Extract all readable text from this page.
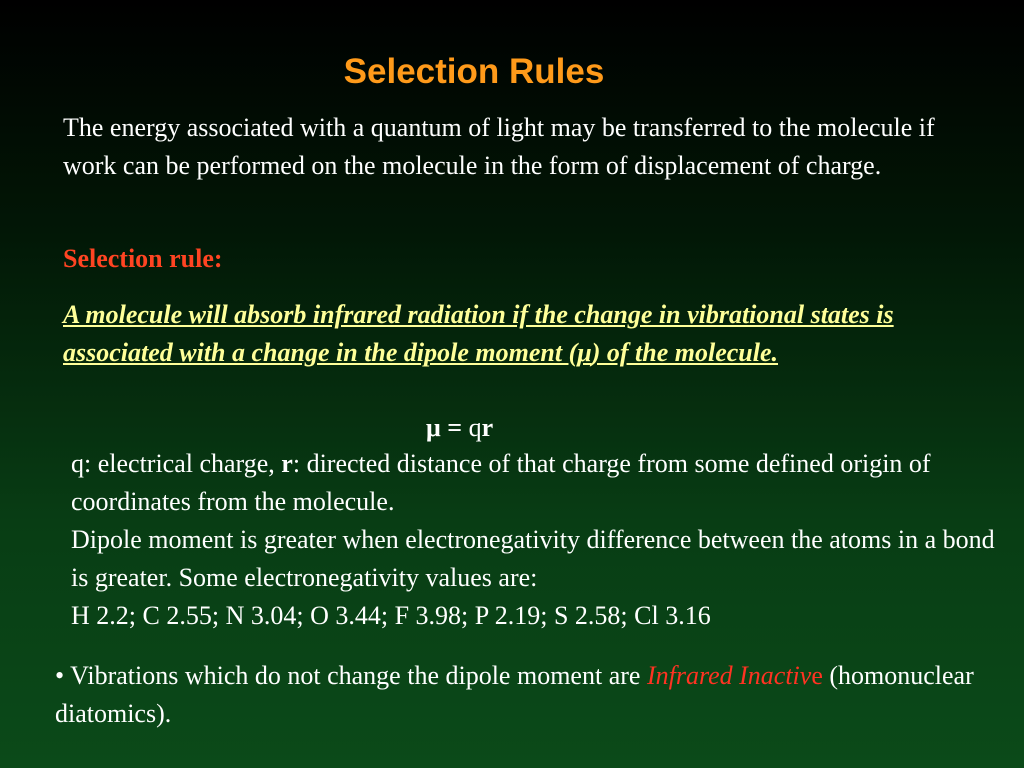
Selection Rules
The energy associated with a quantum of light may be transferred to the molecule if work can be performed on the molecule in the form of displacement of charge.
Selection rule:
A molecule will absorb infrared radiation if the change in vibrational states is associated with a change in the dipole moment (μ) of the molecule.
μ = qr

q: electrical charge, r: directed distance of that charge from some defined origin of coordinates from the molecule.

Dipole moment is greater when electronegativity difference between the atoms in a bond is greater. Some electronegativity values are:

H 2.2; C 2.55; N 3.04; O 3.44; F 3.98; P 2.19; S 2.58; Cl 3.16

• Vibrations which do not change the dipole moment are Infrared Inactive (homonuclear diatomics).
